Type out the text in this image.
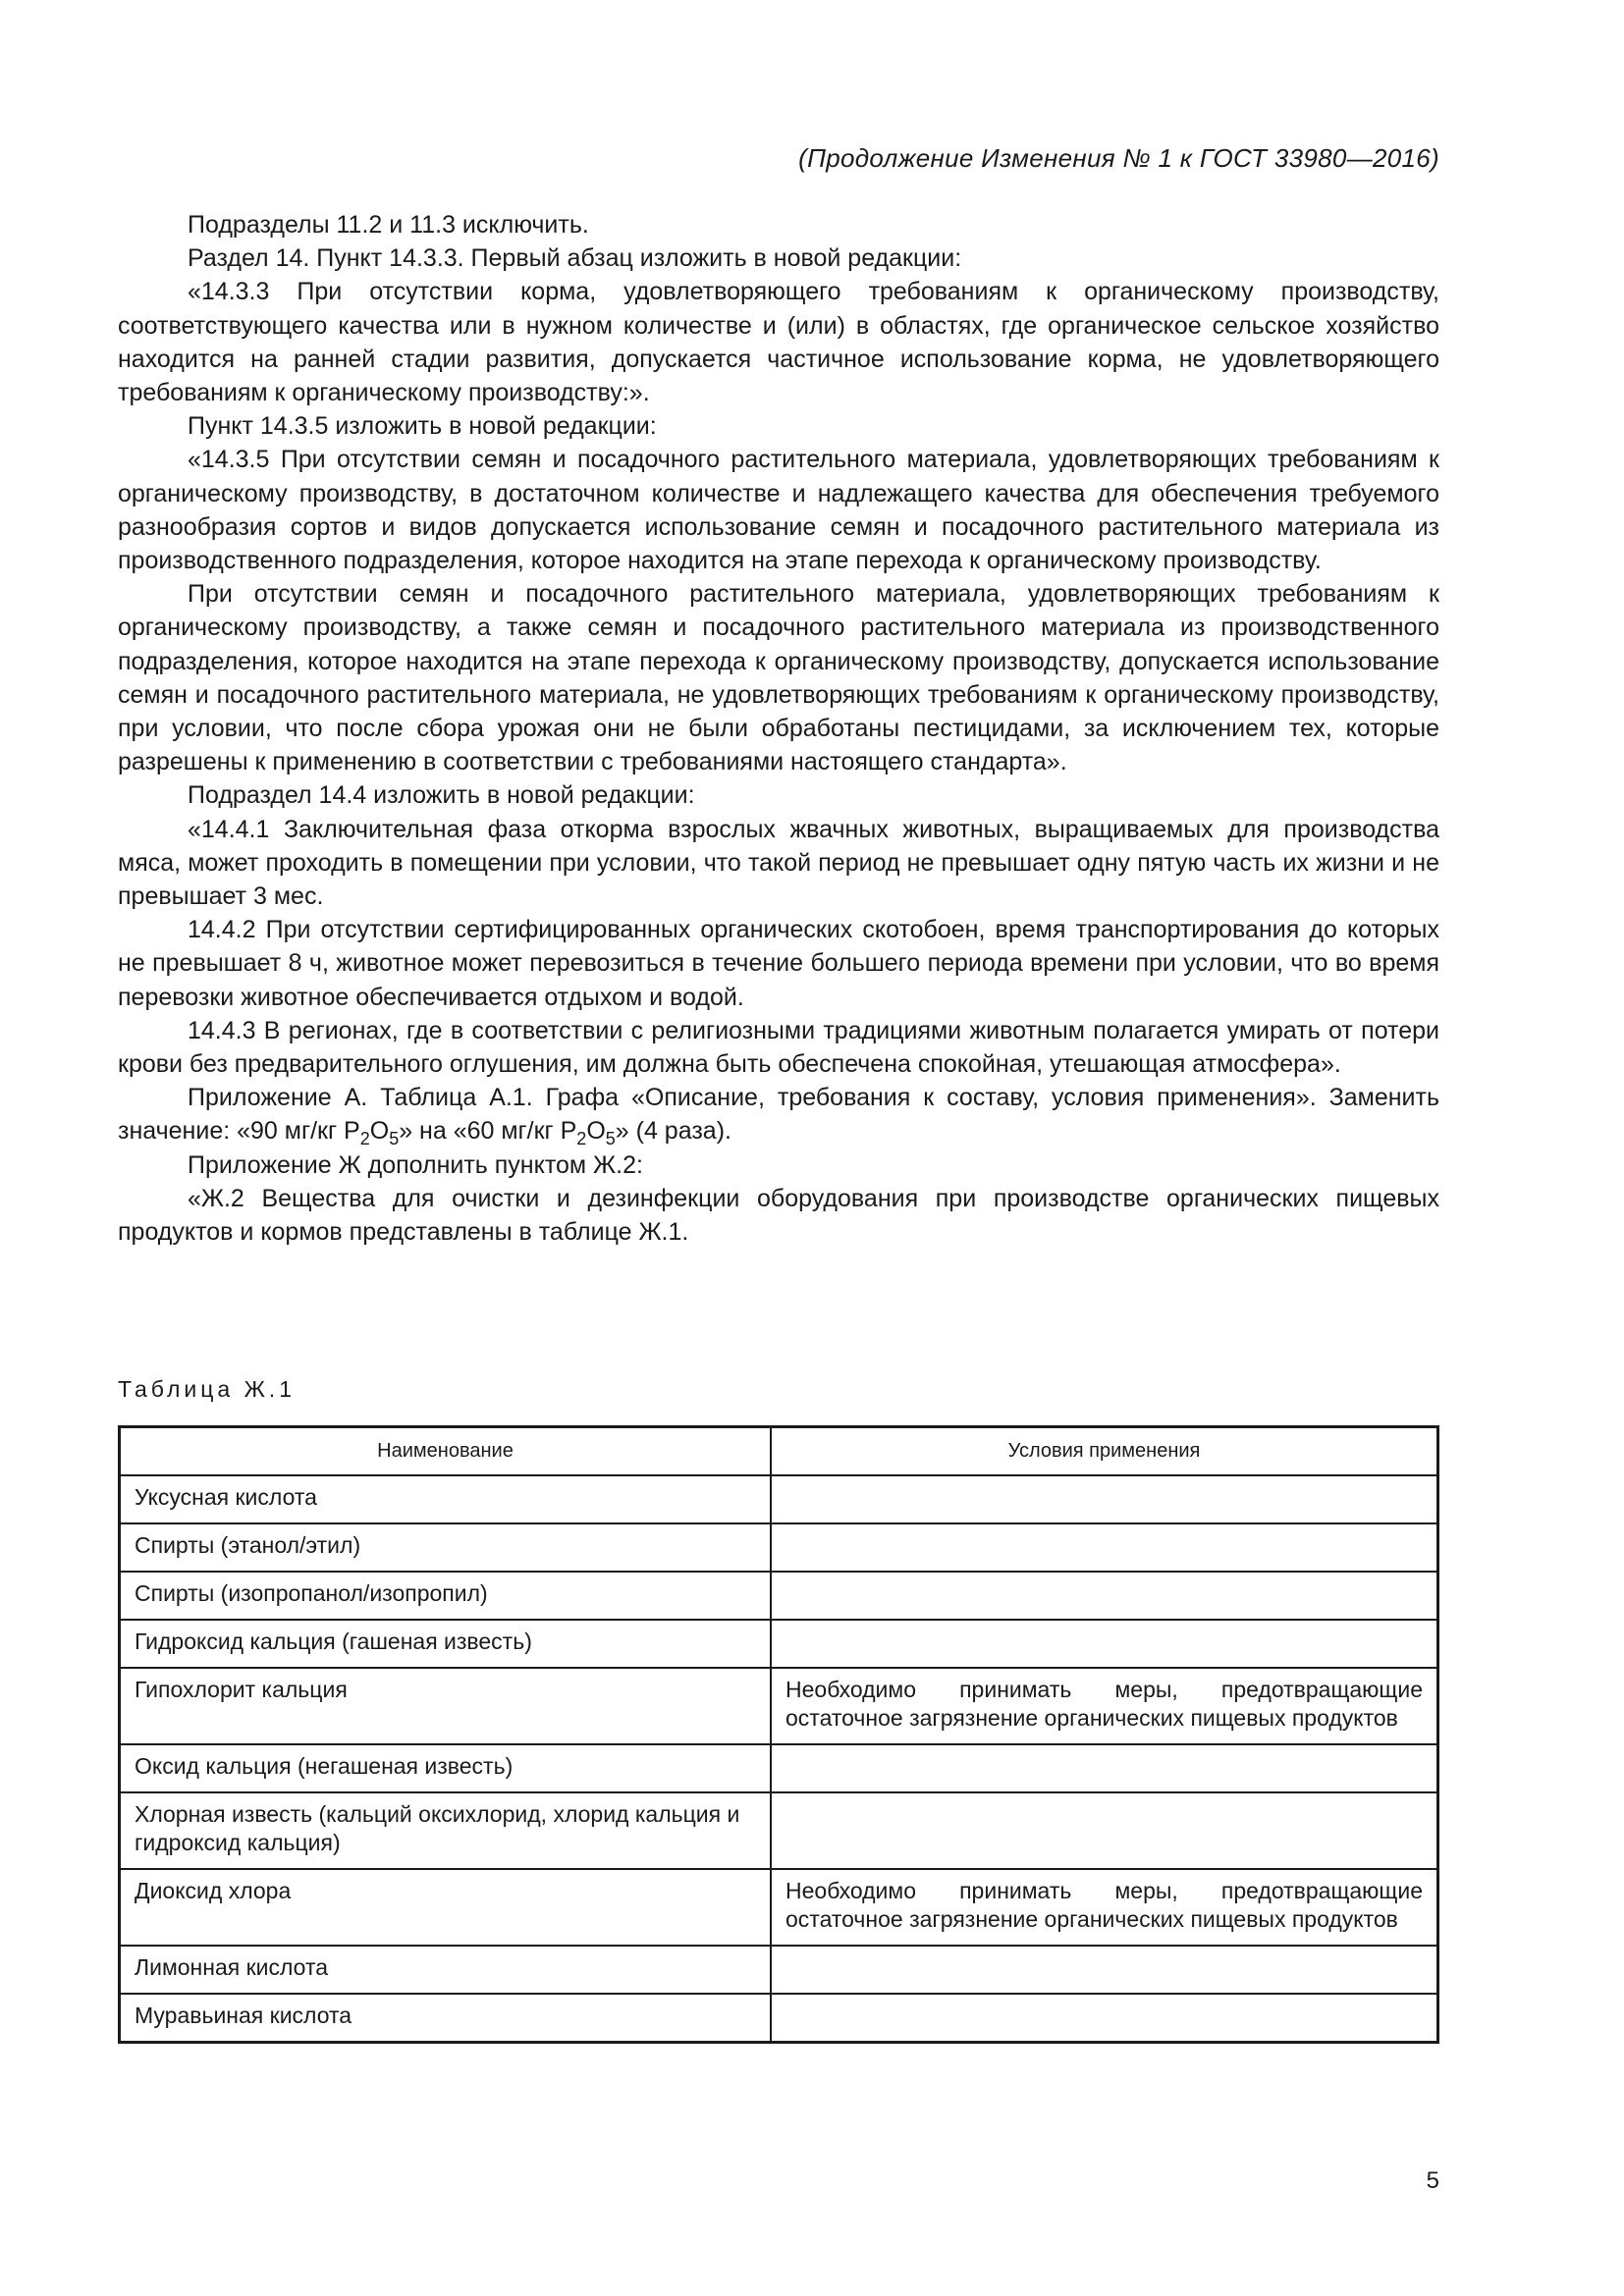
(Продолжение Изменения № 1 к ГОСТ 33980—2016)

Подразделы 11.2 и 11.3 исключить.

Раздел 14. Пункт 14.3.3. Первый абзац изложить в новой редакции:

«14.3.3 При отсутствии корма, удовлетворяющего требованиям к органическому производству, соответствующего качества или в нужном количестве и (или) в областях, где органическое сельское хозяйство находится на ранней стадии развития, допускается частичное использование корма, не удовлетворяющего требованиям к органическому производству:».

Пункт 14.3.5 изложить в новой редакции:

«14.3.5 При отсутствии семян и посадочного растительного материала, удовлетворяющих требованиям к органическому производству, в достаточном количестве и надлежащего качества для обеспечения требуемого разнообразия сортов и видов допускается использование семян и посадочного растительного материала из производственного подразделения, которое находится на этапе перехода к органическому производству.

При отсутствии семян и посадочного растительного материала, удовлетворяющих требованиям к органическому производству, а также семян и посадочного растительного материала из производственного подразделения, которое находится на этапе перехода к органическому производству, допускается использование семян и посадочного растительного материала, не удовлетворяющих требованиям к органическому производству, при условии, что после сбора урожая они не были обработаны пестицидами, за исключением тех, которые разрешены к применению в соответствии с требованиями настоящего стандарта».

Подраздел 14.4 изложить в новой редакции:

«14.4.1 Заключительная фаза откорма взрослых жвачных животных, выращиваемых для производства мяса, может проходить в помещении при условии, что такой период не превышает одну пятую часть их жизни и не превышает 3 мес.

14.4.2 При отсутствии сертифицированных органических скотобоен, время транспортирования до которых не превышает 8 ч, животное может перевозиться в течение большего периода времени при условии, что во время перевозки животное обеспечивается отдыхом и водой.

14.4.3 В регионах, где в соответствии с религиозными традициями животным полагается умирать от потери крови без предварительного оглушения, им должна быть обеспечена спокойная, утешающая атмосфера».

Приложение А. Таблица А.1. Графа «Описание, требования к составу, условия применения». Заменить значение: «90 мг/кг $P_2O_5$» на «60 мг/кг $P_2O_5$» (4 раза).

Приложение Ж дополнить пунктом Ж.2:

«Ж.2 Вещества для очистки и дезинфекции оборудования при производстве органических пищевых продуктов и кормов представлены в таблице Ж.1.

Таблица Ж.1
Наименование	Условия применения
Уксусная кислота	
Спирты (этанол/этил)	
Спирты (изопропанол/изопропил)	
Гидроксид кальция (гашеная известь)	
Гипохлорит кальция	Необходимо принимать меры, предотвращающие остаточное загрязнение органических пищевых продуктов
Оксид кальция (негашеная известь)	
Хлорная известь (кальций оксихлорид, хлорид кальция и гидроксид кальция)	
Диоксид хлора	Необходимо принимать меры, предотвращающие остаточное загрязнение органических пищевых продуктов
Лимонная кислота	
Муравьиная кислота	
5
